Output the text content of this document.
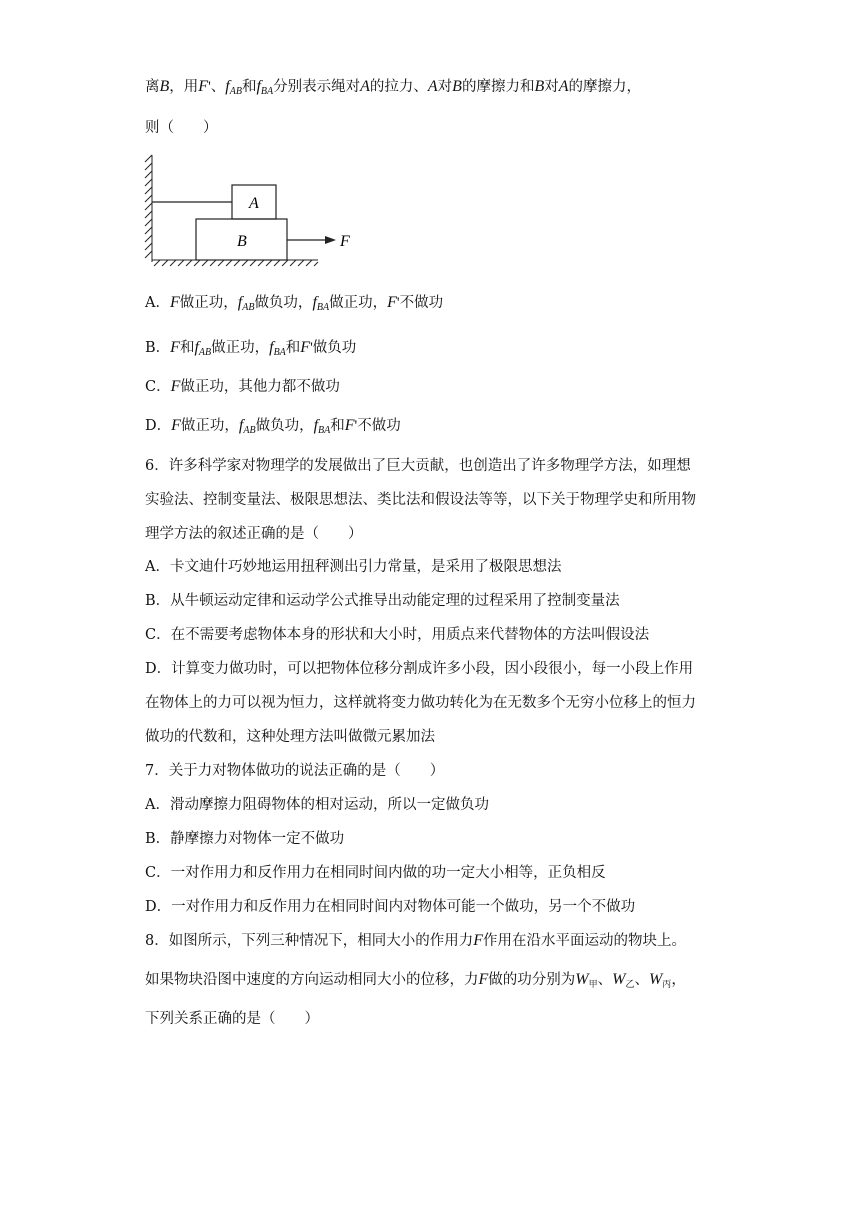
离B，用F'、$f_{AB}$和$f_{BA}$分别表示绳对A的拉力、A对B的摩擦力和B对A的摩擦力，
则（　　）
A
B	F
A．F做正功，$f_{AB}$做负功，$f_{BA}$做正功，F'不做功
B．F和$f_{AB}$做正功，$f_{BA}$和F'做负功
C．F做正功，其他力都不做功
D．F做正功，$f_{AB}$做负功，$f_{BA}$和F'不做功
6．许多科学家对物理学的发展做出了巨大贡献，也创造出了许多物理学方法，如理想
实验法、控制变量法、极限思想法、类比法和假设法等等，以下关于物理学史和所用物
理学方法的叙述正确的是（　　）
A．卡文迪什巧妙地运用扭秤测出引力常量，是采用了极限思想法
B．从牛顿运动定律和运动学公式推导出动能定理的过程采用了控制变量法
C．在不需要考虑物体本身的形状和大小时，用质点来代替物体的方法叫假设法
D．计算变力做功时，可以把物体位移分割成许多小段，因小段很小，每一小段上作用
在物体上的力可以视为恒力，这样就将变力做功转化为在无数多个无穷小位移上的恒力
做功的代数和，这种处理方法叫做微元累加法
7．关于力对物体做功的说法正确的是（　　）
A．滑动摩擦力阻碍物体的相对运动，所以一定做负功
B．静摩擦力对物体一定不做功
C．一对作用力和反作用力在相同时间内做的功一定大小相等，正负相反
D．一对作用力和反作用力在相同时间内对物体可能一个做功，另一个不做功
8．如图所示，下列三种情况下，相同大小的作用力F作用在沿水平面运动的物块上。
如果物块沿图中速度的方向运动相同大小的位移，力F做的功分别为$W_甲$、$W_乙$、$W_丙$，
下列关系正确的是（　　）
